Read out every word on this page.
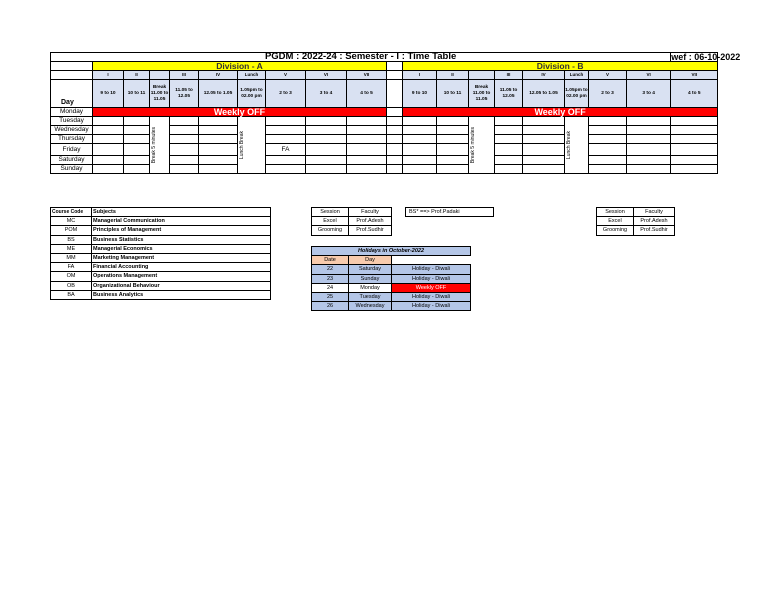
PGDM : 2022-24 : Semester - I : Time Table																			wef : 06-10-2022
	Division - A										Division - B								
	I	II		III	IV	Lunch	V	VI	VII		I	II		III	IV	Lunch	V	VI	VII
Day	9 to 10	10 to 11	Break 11.00 to 11.05	11.05 to 12.05	12.05 to 1.05	1.05pm to 02.00 pm	2 to 3	3 to 4	4 to 5		9 to 10	10 to 11	Break 11.00 to 11.05	11.05 to 12.05	12.05 to 1.05	1.05pm to 02.00 pm	2 to 3	3 to 4	4 to 5
Monday	Weekly OFF										Weekly OFF								
Tuesday			Break 5 minutes			Lunch Break							Break 5 minutes			Lunch Break			

Wednesday																			
Thursday																			
Friday							FA												
Saturday																			
Sunday																			
Course Code	Subjects
MC	Managerial Communication
POM	Principles of Management
BS	Business Statistics
ME	Managerial Economics
MM	Marketing Management
FA	Financial Accounting
OM	Operations Management
OB	Organizational Behaviour
BA	Business Analytics
Session	Faculty
Excel	Prof.Adesh
Grooming	Prof.Sudhir
BS* ==> Prof.Padaki	Session	Faculty
Excel	Prof.Adesh
Grooming	Prof.Sudhir
Holidays in October-2022		
Date	Day	
22	Saturday	Holiday - Diwali
23	Sunday	Holiday - Diwali
24	Monday	Weekly OFF
25	Tuesday	Holiday - Diwali
26	Wednesday	Holiday - Diwali
